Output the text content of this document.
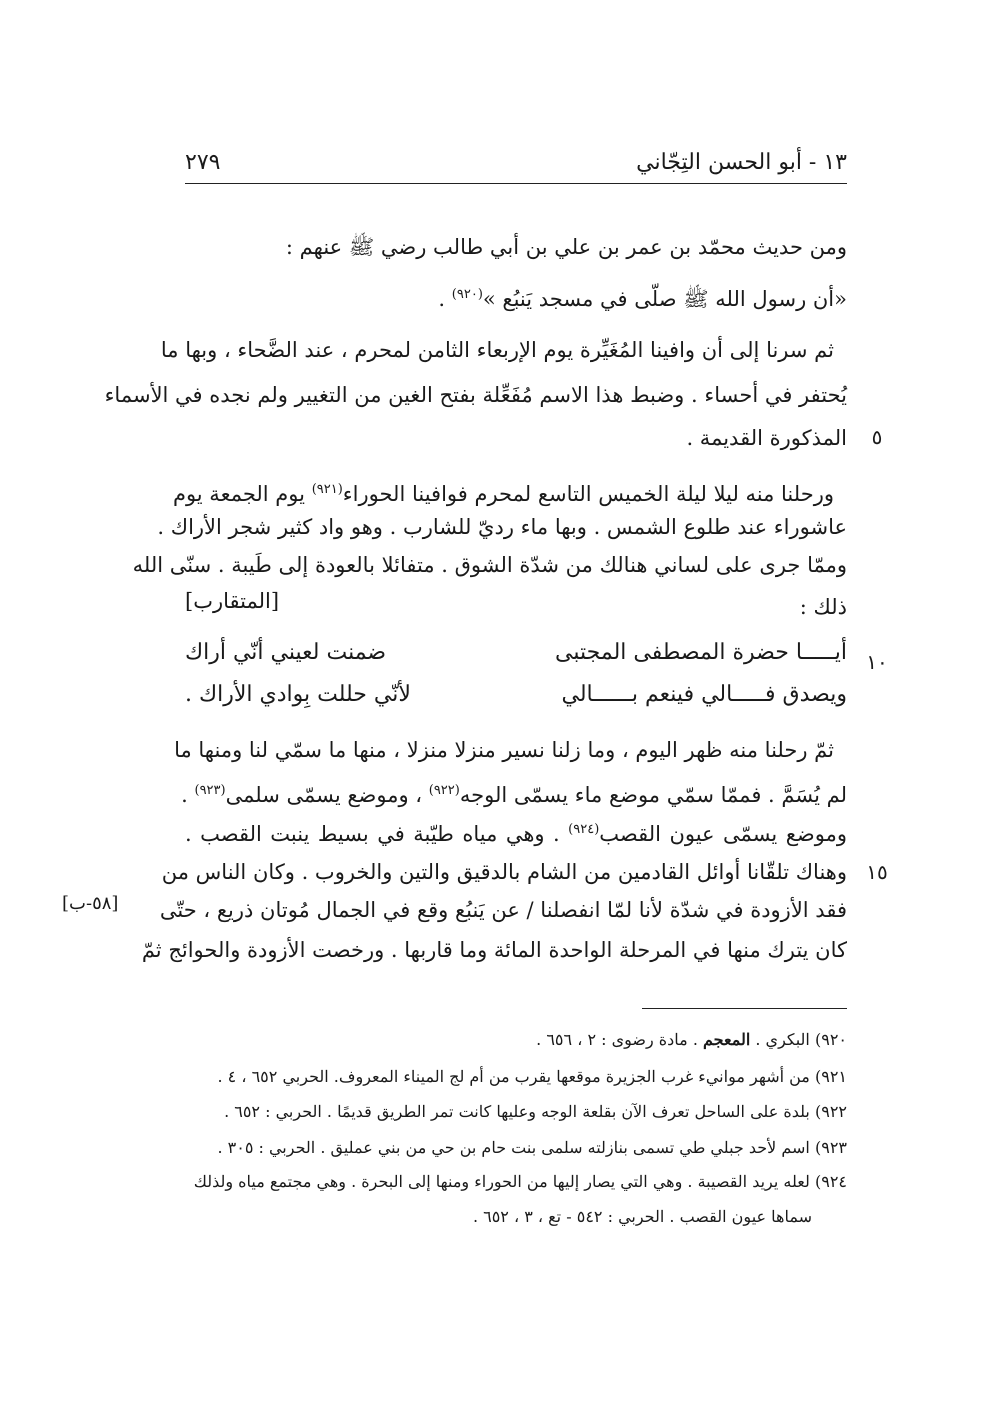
١٣ - أبو الحسن التِجّاني
٢٧٩
ومن حديث محمّد بن عمر بن علي بن أبي طالب رضي ﷺ عنهم :
«أن رسول الله ﷺ صلّى في مسجد يَنبُع »$^{(٩٢٠)}$ .
ثم سرنا إلى أن وافينا المُغَيِّرة يوم الإربعاء الثامن لمحرم ، عند الضَّحاء ، وبها ما
يُحتفر في أحساء . وضبط هذا الاسم مُفَعِّلة بفتح الغين من التغيير ولم نجده في الأسماء
المذكورة القديمة .	٥
ورحلنا منه ليلا ليلة الخميس التاسع لمحرم فوافينا الحوراء$^{(٩٢١)}$ يوم الجمعة يوم
عاشوراء عند طلوع الشمس . وبها ماء رديّ للشارب . وهو واد كثير شجر الأراك .
وممّا جرى على لساني هنالك من شدّة الشوق . متفائلا بالعودة إلى طَيبة . سنّى الله
ذلك :
[المتقارب]
أيـــــا حضرة المصطفى المجتبى
ضمنت لعيني أنّي أراك	١٠
ويصدق فـــــالي فينعم بــــــالي
لأنّي حللت بِوادي الأراك .
ثمّ رحلنا منه ظهر اليوم ، وما زلنا نسير منزلا منزلا ، منها ما سمّي لنا ومنها ما
لم يُسَمَّ . فممّا سمّي موضع ماء يسمّى الوجه$^{(٩٢٢)}$ ، وموضع يسمّى سلمى$^{(٩٢٣)}$ .
وموضع يسمّى عيون القصب$^{(٩٢٤)}$ . وهي مياه طيّبة في بسيط ينبت القصب .
وهناك تلقّانا أوائل القادمين من الشام بالدقيق والتين والخروب . وكان الناس من ١٥
فقد الأزودة في شدّة لأنا لمّا انفصلنا / عن يَنبُع وقع في الجمال مُوتان ذريع ، حتّى
[٥٨-ب]
كان يترك منها في المرحلة الواحدة المائة وما قاربها . ورخصت الأزودة والحوائج ثمّ
٩٢٠) البكري . المعجم . مادة رضوى : ٢ ، ٦٥٦ .
٩٢١) من أشهر موانيء غرب الجزيرة موقعها يقرب من أم لج الميناء المعروف. الحربي ٦٥٢ ، ٤ .
٩٢٢) بلدة على الساحل تعرف الآن بقلعة الوجه وعليها كانت تمر الطريق قديمًا . الحربي : ٦٥٢ .
٩٢٣) اسم لأحد جبلي طي تسمى بنازلته سلمى بنت حام بن حي من بني عمليق . الحربي : ٣٠٥ .
٩٢٤) لعله يريد القصيبة . وهي التي يصار إليها من الحوراء ومنها إلى البحرة . وهي مجتمع مياه ولذلك
سماها عيون القصب . الحربي : ٥٤٢ - تع ، ٣ ، ٦٥٢ .
